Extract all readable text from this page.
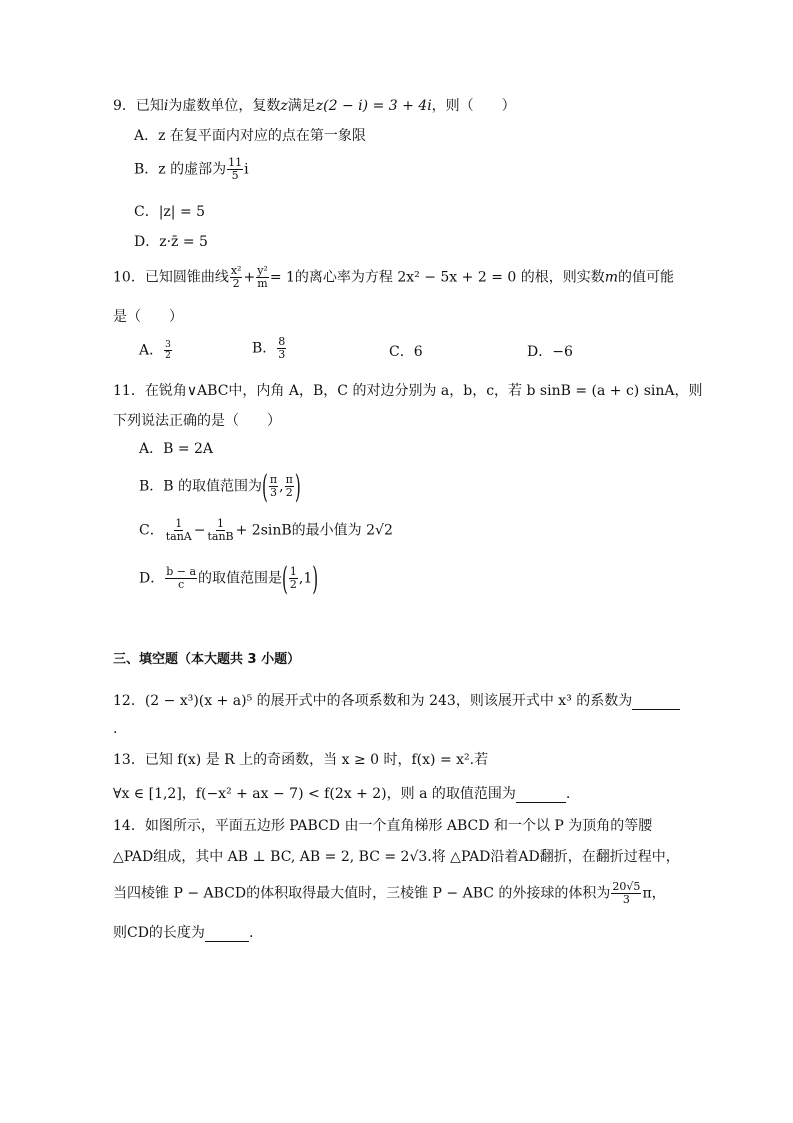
9．已知i为虚数单位，复数z满足z(2 − i) = 3 + 4i，则（　　）
A．z 在复平面内对应的点在第一象限
B．z 的虚部为 $\frac{11}{5}$ i
C．|z| = 5
D．z·z̄ = 5
10．已知圆锥曲线 $\frac{\text{x²}}{2} + \frac{\text{y²}}{m} = 1$的离心率为方程 2x² − 5x + 2 = 0 的根，则实数m的值可能
是（　　）
A． $\frac{3}{2}$	B． $\frac{8}{3}$	C．6	D．−6
11．在锐角∨ABC中，内角 A，B，C 的对边分别为 a，b，c，若 b sinB = (a + c) sinA，则
下列说法正确的是（　　）
A．B = 2A
B．B 的取值范围为( $\frac{\pi}{3}$ , $\frac{\pi}{2}$ )
C． $\frac{1}{\tan A} - \frac{1}{\tan B} + 2\sin B$的最小值为 2√2
D． $\frac{b - a}{c}$ 的取值范围是( $\frac{1}{2} ,1$)
三、填空题（本大题共 3 小题）
12．(2 − x³)(x + a)⁵ 的展开式中的各项系数和为 243，则该展开式中 x³ 的系数为
.
13．已知 f(x) 是 R 上的奇函数，当 x ≥ 0 时，f(x) = x².若
∀x ∈ [1,2]，f(−x² + ax − 7) < f(2x + 2)，则 a 的取值范围为	.
14．如图所示，平面五边形 PABCD 由一个直角梯形 ABCD 和一个以 P 为顶角的等腰
△PAD组成，其中 AB ⊥ BC, AB = 2, BC = 2√3.将 △PAD沿着AD翻折，在翻折过程中，
当四棱锥 P − ABCD的体积取得最大值时，三棱锥 P − ABC 的外接球的体积为 $\frac{20√5}{3}$ π，
则CD的长度为	.
